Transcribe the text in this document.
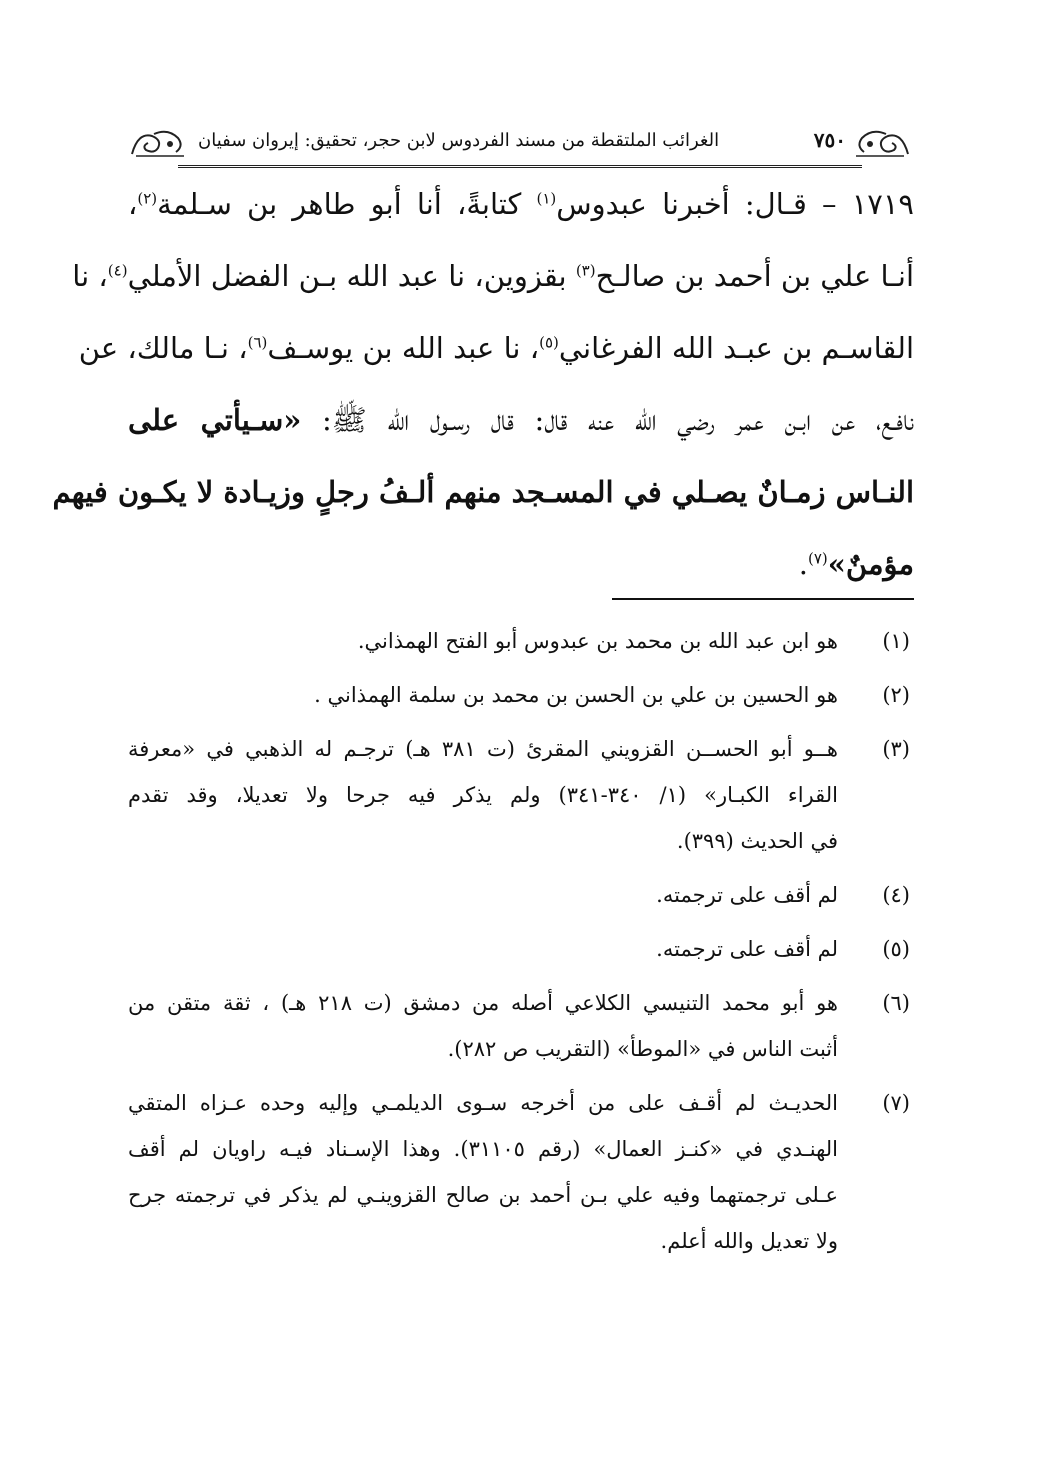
الغرائب الملتقطة من مسند الفردوس لابن حجر، تحقيق: إيروان سفيان	٧٥٠
١٧١٩ – قـال: أخبرنا عبدوس$^{(١)}$ كتابةً، أنا أبو طاهر بن سـلمة$^{(٢)}$،
أنـا علي بن أحمد بن صالـح$^{(٣)}$ بقزوين، نا عبد الله بـن الفضل الأملي$^{(٤)}$، نا
القاسـم بن عبـد الله الفرغاني$^{(٥)}$، نا عبد الله بن يوسـف$^{(٦)}$، نـا مالك، عن
نافـع، عن ابـن عمر رضي الله عنه قال: قال رسـول الله ﷺ: «سـيأتي على
النـاس زمـانٌ يصـلي في المسـجد منهم ألـفُ رجلٍ وزيـادة لا يكـون فيهم
مؤمنٌ»$^{(٧)}$.
(١)
هو ابن عبد الله بن محمد بن عبدوس أبو الفتح الهمذاني.
(٢)
هو الحسين بن علي بن الحسن بن محمد بن سلمة الهمذاني .
(٣)
هــو أبو الحســن القزويني المقرئ (ت ٣٨١ هـ) ترجـم له الذهبي في «معرفة
القراء الكبـار» (١/ ٣٤٠-٣٤١) ولم يذكر فيه جرحا ولا تعديلا، وقد تقدم
في الحديث (٣٩٩).
(٤)
لم أقف على ترجمته.
(٥)
لم أقف على ترجمته.
(٦)
هو أبو محمد التنيسي الكلاعي أصله من دمشق (ت ٢١٨ هـ) ، ثقة متقن من
أثبت الناس في «الموطأ» (التقريب ص ٢٨٢).
(٧)
الحديـث لم أقـف على من أخرجه سـوى الديلمـي وإليه وحده عـزاه المتقي
الهنـدي في «كنـز العمال» (رقم ٣١١٠٥). وهذا الإسـناد فيـه راويان لم أقف
عـلى ترجمتهما وفيه علي بـن أحمد بن صالح القزوينـي لم يذكر في ترجمته جرح
ولا تعديل والله أعلم.
